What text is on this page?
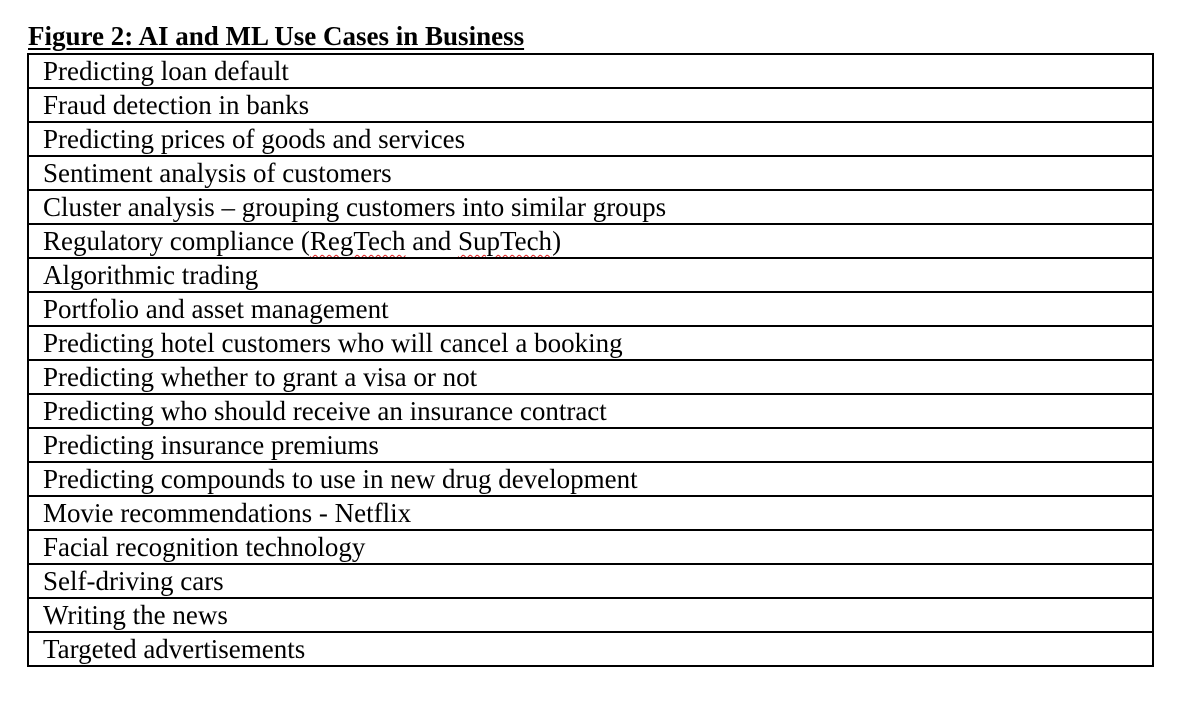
Figure 2: AI and ML Use Cases in Business
Predicting loan default
Fraud detection in banks
Predicting prices of goods and services
Sentiment analysis of customers
Cluster analysis – grouping customers into similar groups
Regulatory compliance (RegTech and SupTech)
Algorithmic trading
Portfolio and asset management
Predicting hotel customers who will cancel a booking
Predicting whether to grant a visa or not
Predicting who should receive an insurance contract
Predicting insurance premiums
Predicting compounds to use in new drug development
Movie recommendations - Netflix
Facial recognition technology
Self-driving cars
Writing the news
Targeted advertisements
